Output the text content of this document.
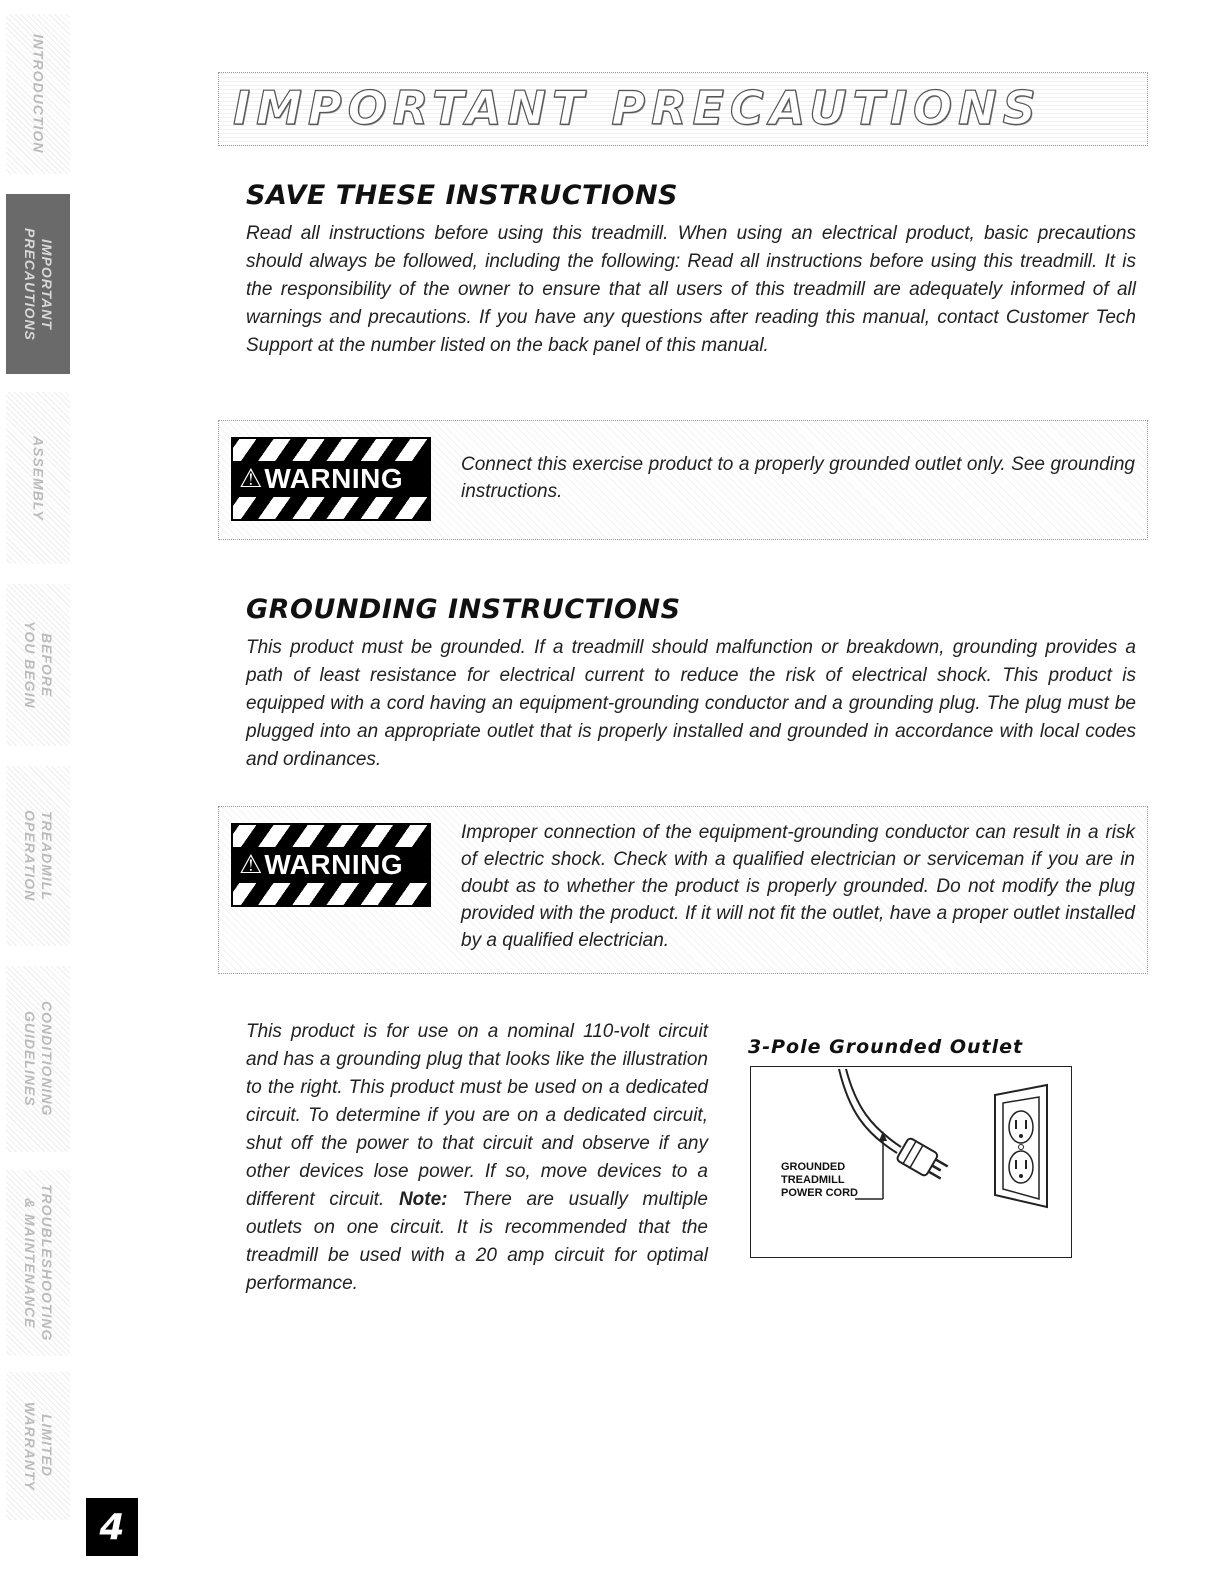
INTRODUCTION
IMPORTANT
PRECAUTIONS
ASSEMBLY
BEFORE
YOU BEGIN
TREADMILL
OPERATION
CONDITIONING
GUIDELINES
TROUBLESHOOTING
& MAINTENANCE
LIMITED
WARRANTY
IMPORTANT PRECAUTIONS
SAVE THESE INSTRUCTIONS

Read all instructions before using this treadmill. When using an electrical product, basic precautions should always be followed, including the following: Read all instructions before using this treadmill. It is the responsibility of the owner to ensure that all users of this treadmill are adequately informed of all warnings and precautions. If you have any questions after reading this manual, contact Customer Tech Support at the number listed on the back panel of this manual.

⚠ WARNING	Connect this exercise product to a properly grounded outlet only. See grounding instructions.

GROUNDING INSTRUCTIONS

This product must be grounded. If a treadmill should malfunction or breakdown, grounding provides a path of least resistance for electrical current to reduce the risk of electrical shock. This product is equipped with a cord having an equipment-grounding conductor and a grounding plug. The plug must be plugged into an appropriate outlet that is properly installed and grounded in accordance with local codes and ordinances.

⚠ WARNING

Improper connection of the equipment-grounding conductor can result in a risk of electric shock. Check with a qualified electrician or serviceman if you are in doubt as to whether the product is properly grounded. Do not modify the plug provided with the product. If it will not fit the outlet, have a proper outlet installed by a qualified electrician.

This product is for use on a nominal 110-volt circuit and has a grounding plug that looks like the illustration to the right. This product must be used on a dedicated circuit. To determine if you are on a dedicated circuit, shut off the power to that circuit and observe if any other devices lose power. If so, move devices to a different circuit. Note: There are usually multiple outlets on one circuit. It is recommended that the treadmill be used with a 20 amp circuit for optimal performance.

3-Pole Grounded Outlet

GROUNDED
TREADMILL
POWER CORD

4
